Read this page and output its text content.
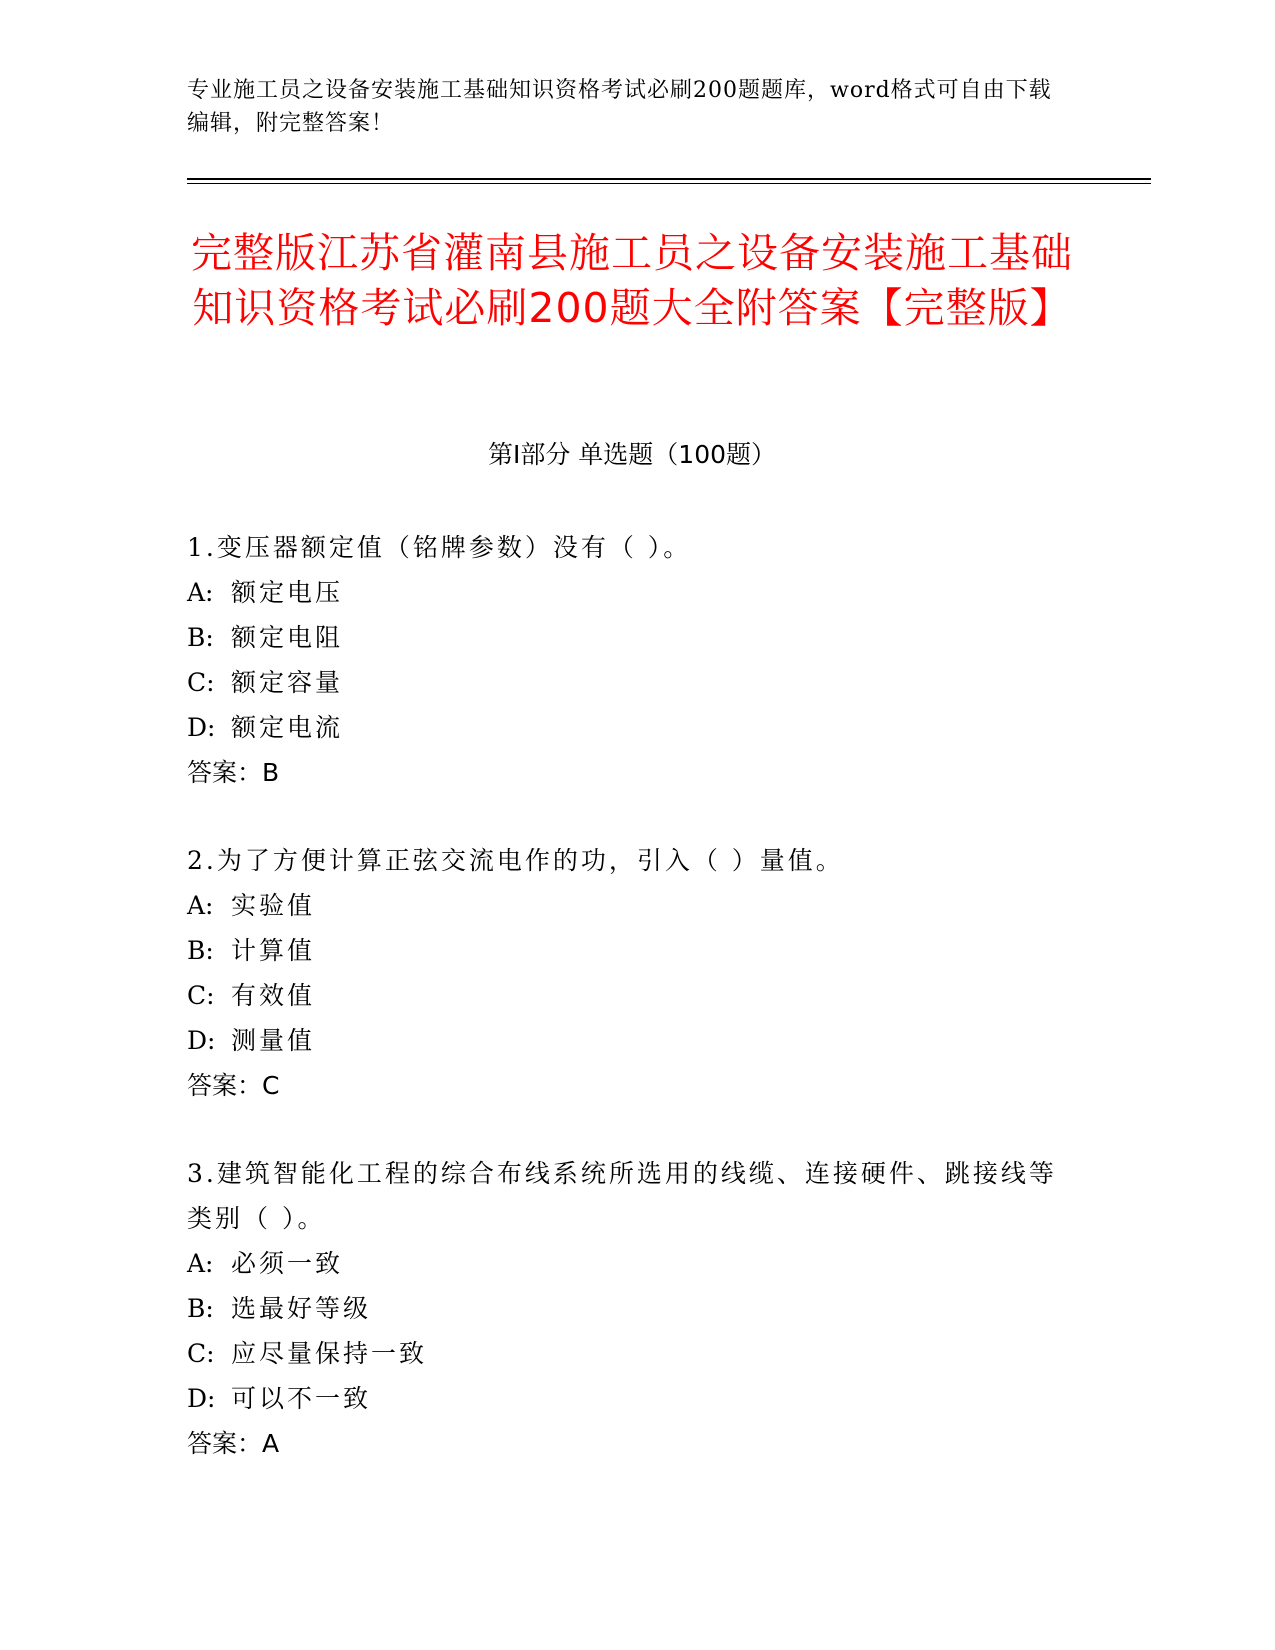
专业施工员之设备安装施工基础知识资格考试必刷200题题库，word格式可自由下载编辑，附完整答案！
完整版江苏省灌南县施工员之设备安装施工基础知识资格考试必刷200题大全附答案【完整版】
第Ⅰ部分 单选题（100题）
1.变压器额定值（铭牌参数）没有（ ）。
A: 额定电压
B: 额定电阻
C: 额定容量
D: 额定电流
答案：B
2.为了方便计算正弦交流电作的功，引入（ ）量值。
A: 实验值
B: 计算值
C: 有效值
D: 测量值
答案：C
3.建筑智能化工程的综合布线系统所选用的线缆、连接硬件、跳接线等类别（ ）。
A: 必须一致
B: 选最好等级
C: 应尽量保持一致
D: 可以不一致
答案：A
